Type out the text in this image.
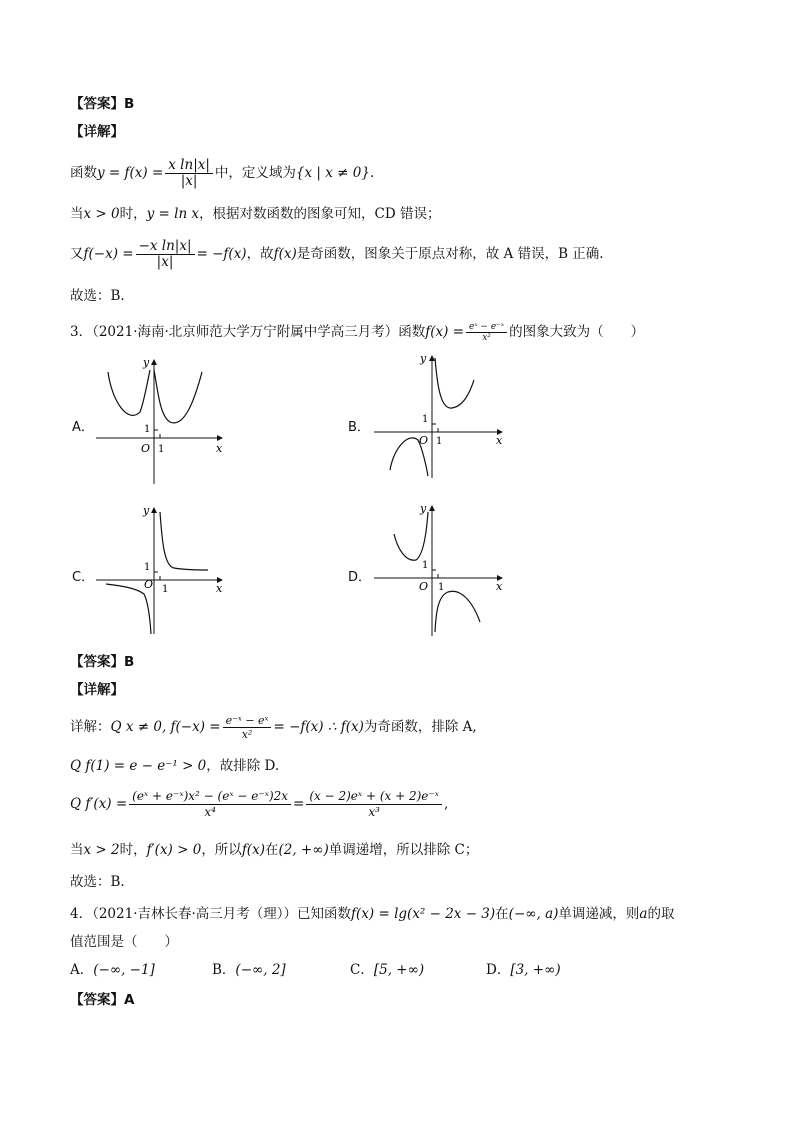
【答案】B
【详解】
函数 $y = f(x) = \frac{\text{x ln|x|}}{|x|}$ 中，定义域为 {x | x ≠ 0} .
当x > 0时，y = ln x，根据对数函数的图象可知，CD 错误；
又 $f(-x) = \frac{\text{−x ln|x|}}{|x|} = -f(x)$ ，故 f(x) 是奇函数，图象关于原点对称，故 A 错误，B 正确.
故选：B.
3．（2021·海南·北京师范大学万宁附属中学高三月考）函数 $f(x) = \frac{\text{eˣ − e⁻ˣ}}{\text{x²}}$ 的图象大致为（　　）
A．	B．
C．	D．
x
y
O 1
1
x
y
O 1
1
x
y
O 1
1
x
y
O 1
1
【答案】B
【详解】
详解： Q x ≠ 0, $f(-x) = \frac{\text{e⁻ˣ − eˣ}}{\text{x²}} = -f(x)$ ∴ f(x) 为奇函数，排除 A,
Q f(1) = e − e⁻¹ > 0，故排除 D.
Q $f'(x) = \frac{\text{(eˣ + e⁻ˣ)x² − (eˣ − e⁻ˣ)2x}}{\text{x⁴}} = \frac{\text{(x − 2)eˣ + (x + 2)e⁻ˣ}}{\text{x³}}$ ,
当x > 2时，f′(x) > 0，所以f(x)在(2, +∞)单调递增，所以排除 C；
故选：B.
4．（2021·吉林长春·高三月考（理））已知函数f(x) = lg(x² − 2x − 3)在(−∞, a)单调递减，则a的取
值范围是（　　）
A．(−∞, −1]	B．(−∞, 2]	C．[5, +∞)	D．[3, +∞)
【答案】A
